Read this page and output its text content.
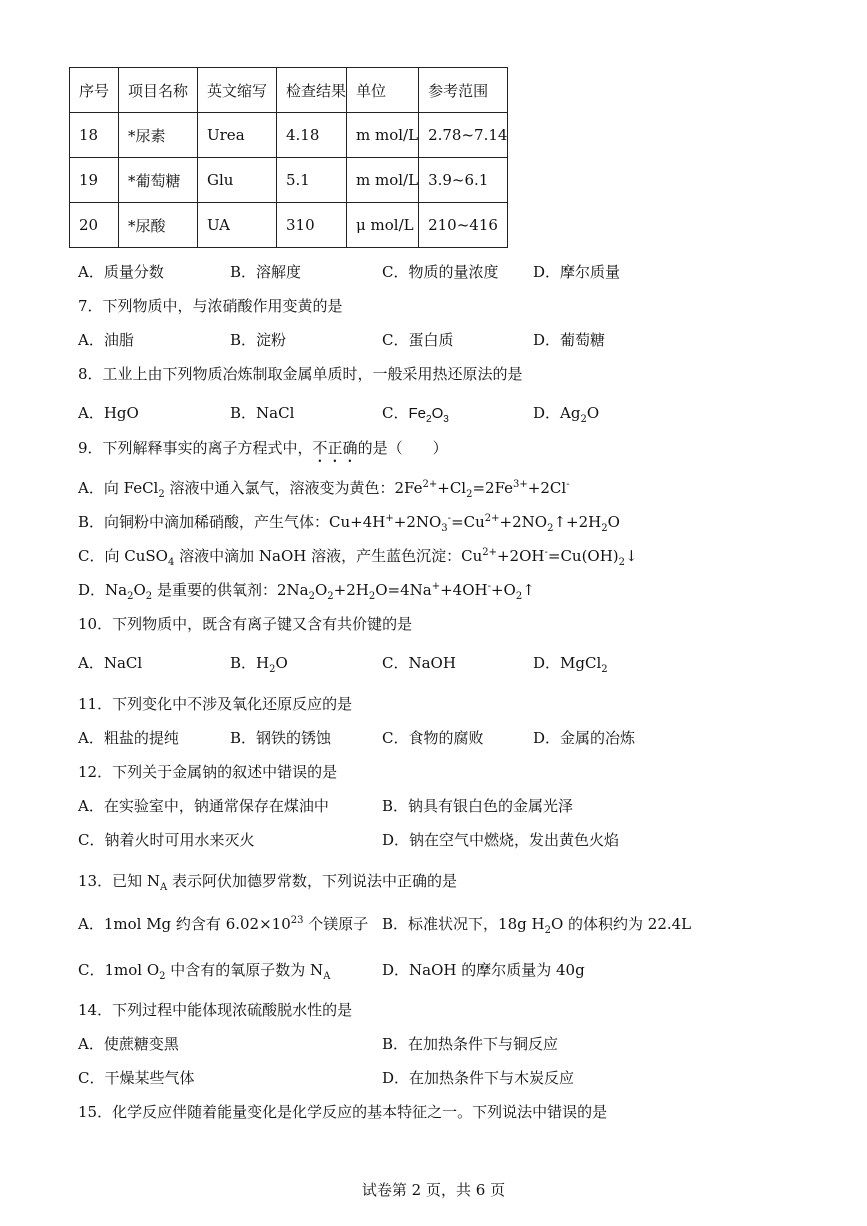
序号	项目名称	英文缩写	检查结果	单位	参考范围
18	*尿素	Urea	4.18	m mol/L	2.78~7.14
19	*葡萄糖	Glu	5.1	m mol/L	3.9~6.1
20	*尿酸	UA	310	μ mol/L	210~416
A．质量分数	B．溶解度	C．物质的量浓度 D．摩尔质量
7．下列物质中，与浓硝酸作用变黄的是
A．油脂	B．淀粉	C．蛋白质	D．葡萄糖
8．工业上由下列物质冶炼制取金属单质时，一般采用热还原法的是
A．HgO	B．NaCl	C．$Fe_2O_3$	D．$Ag_2O$
9．下列解释事实的离子方程式中，不正确的是（　　）
A．向 FeCl$_2$ 溶液中通入氯气，溶液变为黄色：$2Fe^{2+}+Cl_2=2Fe^{3+}+2Cl^-$
B．向铜粉中滴加稀硝酸，产生气体：$Cu+4H^++2NO_3^-=Cu^{2+}+2NO_2↑+2H_2O$
C．向 CuSO$_4$ 溶液中滴加 NaOH 溶液，产生蓝色沉淀：$Cu^{2+}+2OH^-=Cu(OH)_2↓$
D．$Na_2O_2$ 是重要的供氧剂：$2Na_2O_2+2H_2O=4Na^++4OH^-+O_2↑$
10．下列物质中，既含有离子键又含有共价键的是
A．NaCl	B．$H_2O$	C．NaOH	D．MgCl$_2$
11．下列变化中不涉及氧化还原反应的是
A．粗盐的提纯	B．钢铁的锈蚀	C．食物的腐败	D．金属的冶炼
12．下列关于金属钠的叙述中错误的是
A．在实验室中，钠通常保存在煤油中	B．钠具有银白色的金属光泽
C．钠着火时可用水来灭火	D．钠在空气中燃烧，发出黄色火焰
13．已知 $N_A$ 表示阿伏加德罗常数，下列说法中正确的是
A．1mol Mg 约含有 $6.02\times 10^{23}$ 个镁原子 B．标准状况下，18g $H_2O$ 的体积约为 22.4L
C．1mol $O_2$ 中含有的氧原子数为 $N_A$	D．NaOH 的摩尔质量为 40g
14．下列过程中能体现浓硫酸脱水性的是
A．使蔗糖变黑	B．在加热条件下与铜反应
C．干燥某些气体	D．在加热条件下与木炭反应
15．化学反应伴随着能量变化是化学反应的基本特征之一。下列说法中错误的是
试卷第 2 页，共 6 页
